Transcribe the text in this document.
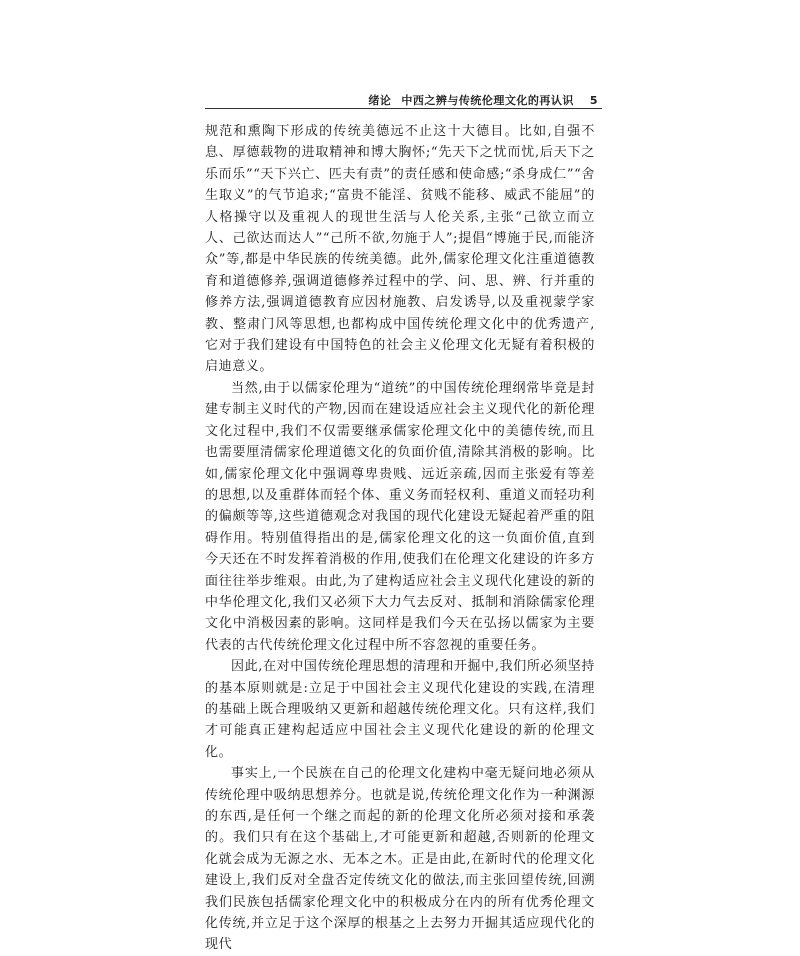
绪论 中西之辨与传统伦理文化的再认识 5

规范和熏陶下形成的传统美德远不止这十大德目。比如,自强不息、厚德载物的进取精神和博大胸怀;“先天下之忧而忧,后天下之乐而乐”“天下兴亡、匹夫有责”的责任感和使命感;“杀身成仁”“舍生取义”的气节追求;“富贵不能淫、贫贱不能移、威武不能屈”的人格操守以及重视人的现世生活与人伦关系,主张“己欲立而立人、己欲达而达人”“己所不欲,勿施于人”;提倡“博施于民,而能济众”等,都是中华民族的传统美德。此外,儒家伦理文化注重道德教育和道德修养,强调道德修养过程中的学、问、思、辨、行并重的修养方法,强调道德教育应因材施教、启发诱导,以及重视蒙学家教、整肃门风等思想,也都构成中国传统伦理文化中的优秀遗产,它对于我们建设有中国特色的社会主义伦理文化无疑有着积极的启迪意义。

当然,由于以儒家伦理为“道统”的中国传统伦理纲常毕竟是封建专制主义时代的产物,因而在建设适应社会主义现代化的新伦理文化过程中,我们不仅需要继承儒家伦理文化中的美德传统,而且也需要厘清儒家伦理道德文化的负面价值,清除其消极的影响。比如,儒家伦理文化中强调尊卑贵贱、远近亲疏,因而主张爱有等差的思想,以及重群体而轻个体、重义务而轻权利、重道义而轻功利的偏颇等等,这些道德观念对我国的现代化建设无疑起着严重的阻碍作用。特别值得指出的是,儒家伦理文化的这一负面价值,直到今天还在不时发挥着消极的作用,使我们在伦理文化建设的许多方面往往举步维艰。由此,为了建构适应社会主义现代化建设的新的中华伦理文化,我们又必须下大力气去反对、抵制和消除儒家伦理文化中消极因素的影响。这同样是我们今天在弘扬以儒家为主要代表的古代传统伦理文化过程中所不容忽视的重要任务。

因此,在对中国传统伦理思想的清理和开掘中,我们所必须坚持的基本原则就是:立足于中国社会主义现代化建设的实践,在清理的基础上既合理吸纳又更新和超越传统伦理文化。只有这样,我们才可能真正建构起适应中国社会主义现代化建设的新的伦理文化。

事实上,一个民族在自己的伦理文化建构中毫无疑问地必须从传统伦理中吸纳思想养分。也就是说,传统伦理文化作为一种渊源的东西,是任何一个继之而起的新的伦理文化所必须对接和承袭的。我们只有在这个基础上,才可能更新和超越,否则新的伦理文化就会成为无源之水、无本之木。正是由此,在新时代的伦理文化建设上,我们反对全盘否定传统文化的做法,而主张回望传统,回溯我们民族包括儒家伦理文化中的积极成分在内的所有优秀伦理文化传统,并立足于这个深厚的根基之上去努力开掘其适应现代化的现代
